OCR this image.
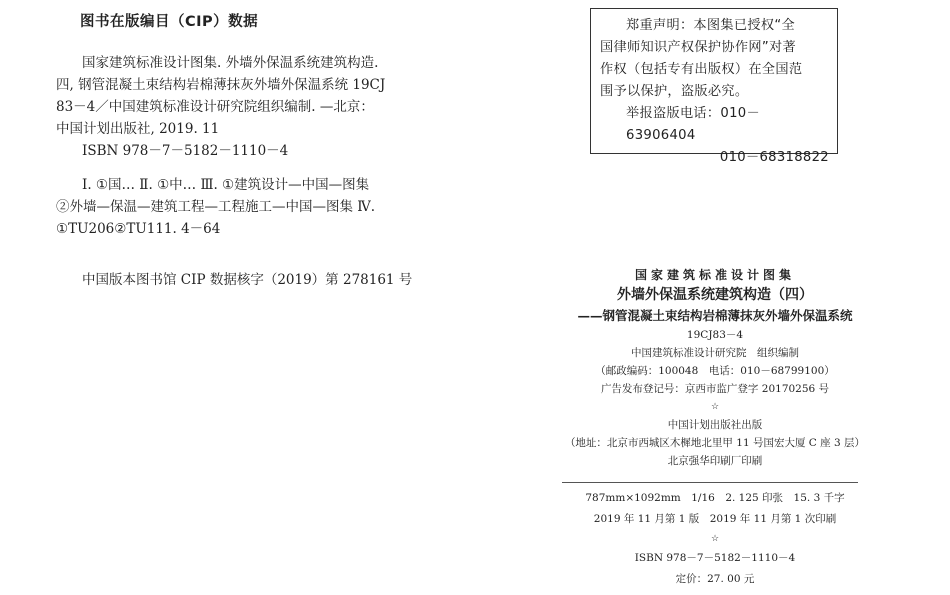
图书在版编目（CIP）数据

国家建筑标准设计图集. 外墙外保温系统建筑构造.

四, 钢管混凝土束结构岩棉薄抹灰外墙外保温系统 19CJ

83－4／中国建筑标准设计研究院组织编制. —北京：

中国计划出版社, 2019. 11

ISBN 978－7－5182－1110－4

Ⅰ. ①国… Ⅱ. ①中… Ⅲ. ①建筑设计—中国—图集

②外墙—保温—建筑工程—工程施工—中国—图集 Ⅳ.

①TU206②TU111. 4－64

中国版本图书馆 CIP 数据核字（2019）第 278161 号

郑重声明：本图集已授权“全

国律师知识产权保护协作网”对著

作权（包括专有出版权）在全国范

围予以保护，盗版必究。

举报盗版电话：010－63906404

010－68318822
国家建筑标准设计图集
外墙外保温系统建筑构造（四）
——钢管混凝土束结构岩棉薄抹灰外墙外保温系统
19CJ83－4
中国建筑标准设计研究院　组织编制
（邮政编码：100048　电话：010－68799100）
广告发布登记号：京西市监广登字 20170256 号
☆
中国计划出版社出版
（地址：北京市西城区木樨地北里甲 11 号国宏大厦 C 座 3 层）
北京强华印刷厂印刷
787mm×1092mm　1/16　2. 125 印张　15. 3 千字
2019 年 11 月第 1 版　2019 年 11 月第 1 次印刷
☆
ISBN 978－7－5182－1110－4
定价：27. 00 元
